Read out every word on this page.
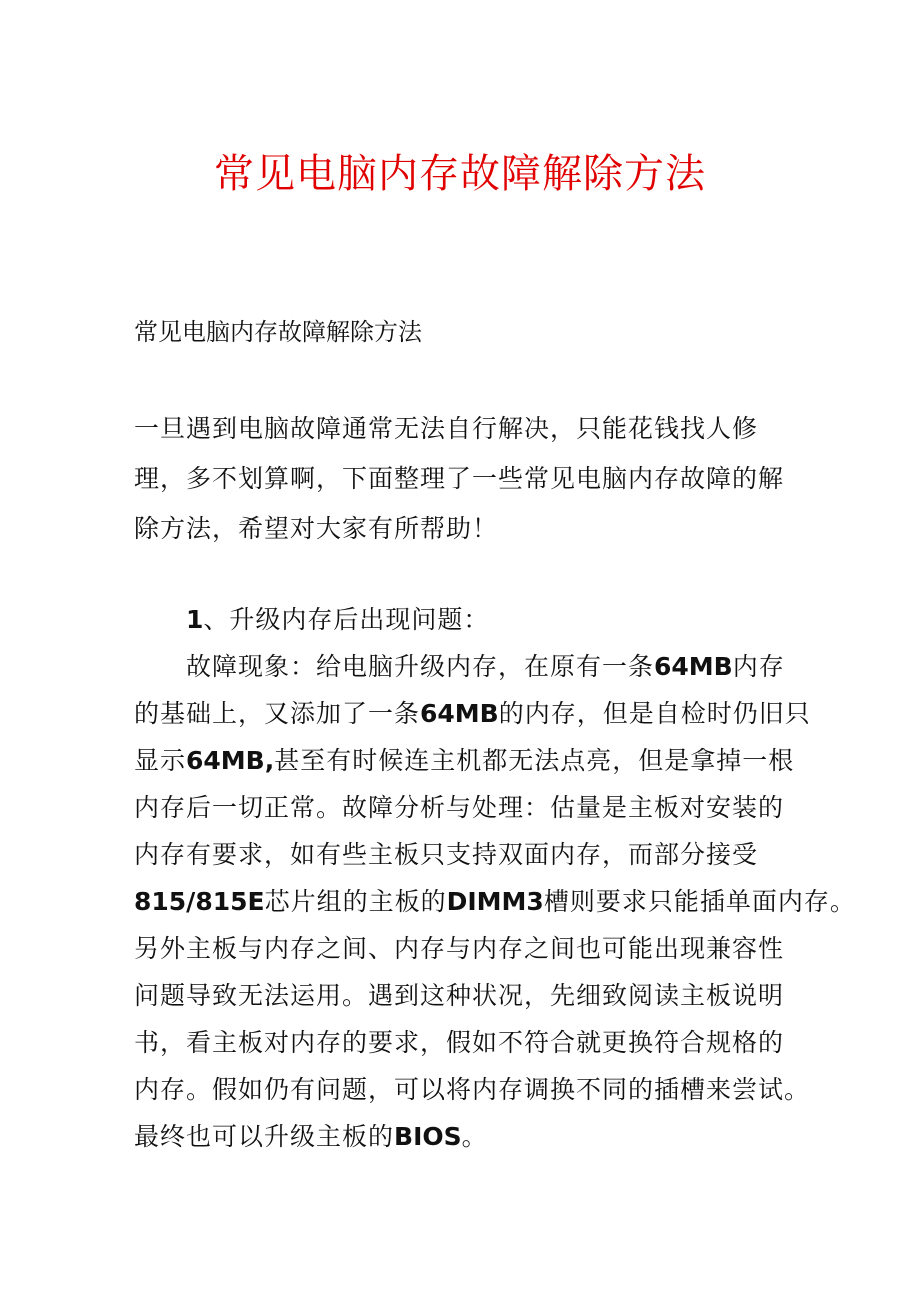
常见电脑内存故障解除方法
常见电脑内存故障解除方法
一旦遇到电脑故障通常无法自行解决，只能花钱找人修
理，多不划算啊，下面整理了一些常见电脑内存故障的解
除方法，希望对大家有所帮助！
1、升级内存后出现问题：
故障现象：给电脑升级内存，在原有一条64MB内存
的基础上，又添加了一条64MB的内存，但是自检时仍旧只
显示64MB,甚至有时候连主机都无法点亮，但是拿掉一根
内存后一切正常。故障分析与处理：估量是主板对安装的
内存有要求，如有些主板只支持双面内存，而部分接受
815/815E芯片组的主板的DIMM3槽则要求只能插单面内存。
另外主板与内存之间、内存与内存之间也可能出现兼容性
问题导致无法运用。遇到这种状况，先细致阅读主板说明
书，看主板对内存的要求，假如不符合就更换符合规格的
内存。假如仍有问题，可以将内存调换不同的插槽来尝试。
最终也可以升级主板的BIOS。
